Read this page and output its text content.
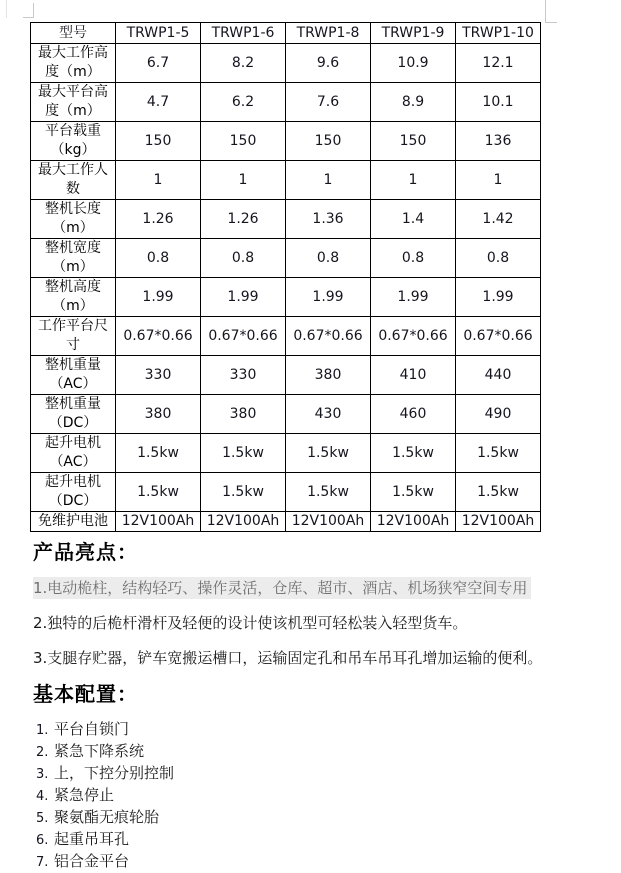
型号	TRWP1-5	TRWP1-6	TRWP1-8	TRWP1-9	TRWP1-10
最大工作高度（m）	6.7	8.2	9.6	10.9	12.1
最大平台高度（m）	4.7	6.2	7.6	8.9	10.1
平台载重（kg）	150	150	150	150	136
最大工作人数	1	1	1	1	1
整机长度（m）	1.26	1.26	1.36	1.4	1.42
整机宽度（m）	0.8	0.8	0.8	0.8	0.8
整机高度（m）	1.99	1.99	1.99	1.99	1.99
工作平台尺寸	0.67*0.66	0.67*0.66	0.67*0.66	0.67*0.66	0.67*0.66
整机重量（AC）	330	330	380	410	440
整机重量（DC）	380	380	430	460	490
起升电机（AC）	1.5kw	1.5kw	1.5kw	1.5kw	1.5kw
起升电机（DC）	1.5kw	1.5kw	1.5kw	1.5kw	1.5kw
免维护电池	12V100Ah	12V100Ah	12V100Ah	12V100Ah	12V100Ah
产品亮点：
1.电动桅柱，结构轻巧、操作灵活，仓库、超市、酒店、机场狭窄空间专用
2.独特的后桅杆滑杆及轻便的设计使该机型可轻松装入轻型货车。
3.支腿存贮器，铲车宽搬运槽口，运输固定孔和吊车吊耳孔增加运输的便利。
基本配置：
1. 平台自锁门
2. 紧急下降系统
3. 上，下控分别控制
4. 紧急停止
5. 聚氨酯无痕轮胎
6. 起重吊耳孔
7. 铝合金平台
